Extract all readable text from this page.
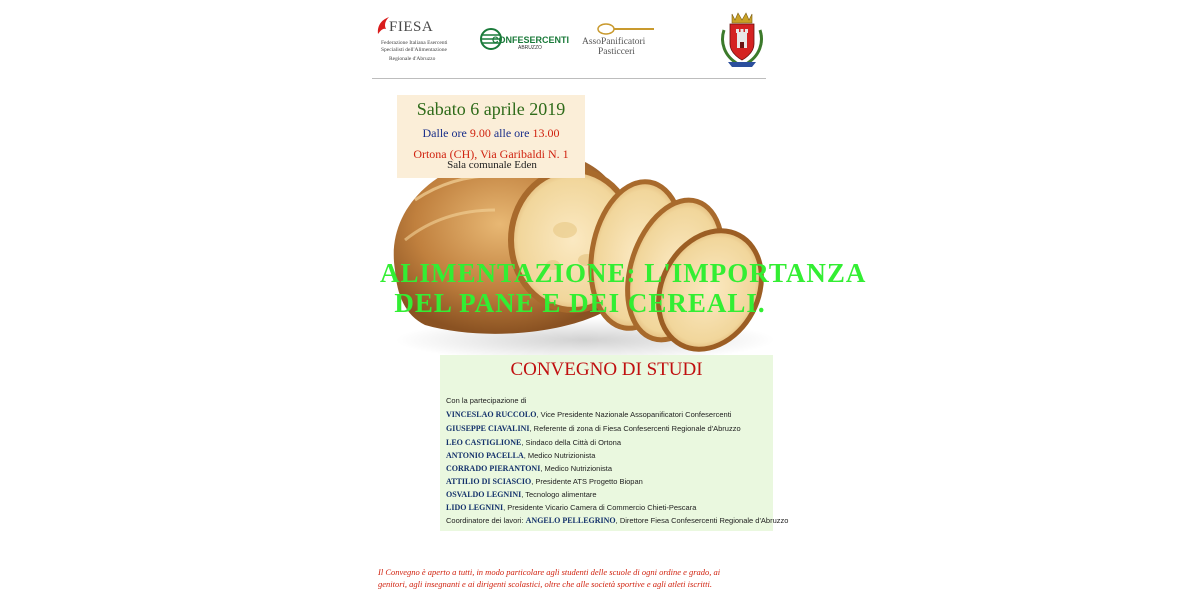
FIESA
Federazione Italiana Esercenti
Specialisti dell'Alimentazione
Regionale d'Abruzzo
CONFESERCENTI
ABRUZZO
AssoPanificatori
Pasticceri
Sabato 6 aprile 2019
Dalle ore 9.00 alle ore 13.00
Ortona (CH), Via Garibaldi N. 1
Sala comunale Eden
ALIMENTAZIONE: L'IMPORTANZA
DEL PANE E DEI CEREALI.
CONVEGNO DI STUDI
Con la partecipazione di
VINCESLAO RUCCOLO, Vice Presidente Nazionale Assopanificatori Confesercenti
GIUSEPPE CIAVALINI, Referente di zona di Fiesa Confesercenti Regionale d'Abruzzo
LEO CASTIGLIONE, Sindaco della Città di Ortona
ANTONIO PACELLA, Medico Nutrizionista
CORRADO PIERANTONI, Medico Nutrizionista
ATTILIO DI SCIASCIO, Presidente ATS Progetto Biopan
OSVALDO LEGNINI, Tecnologo alimentare
LIDO LEGNINI, Presidente Vicario Camera di Commercio Chieti-Pescara
Coordinatore dei lavori: ANGELO PELLEGRINO, Direttore Fiesa Confesercenti Regionale d'Abruzzo
Il Convegno è aperto a tutti, in modo particolare agli studenti delle scuole di ogni ordine e grado, ai
genitori, agli insegnanti e ai dirigenti scolastici, oltre che alle società sportive e agli atleti iscritti.
